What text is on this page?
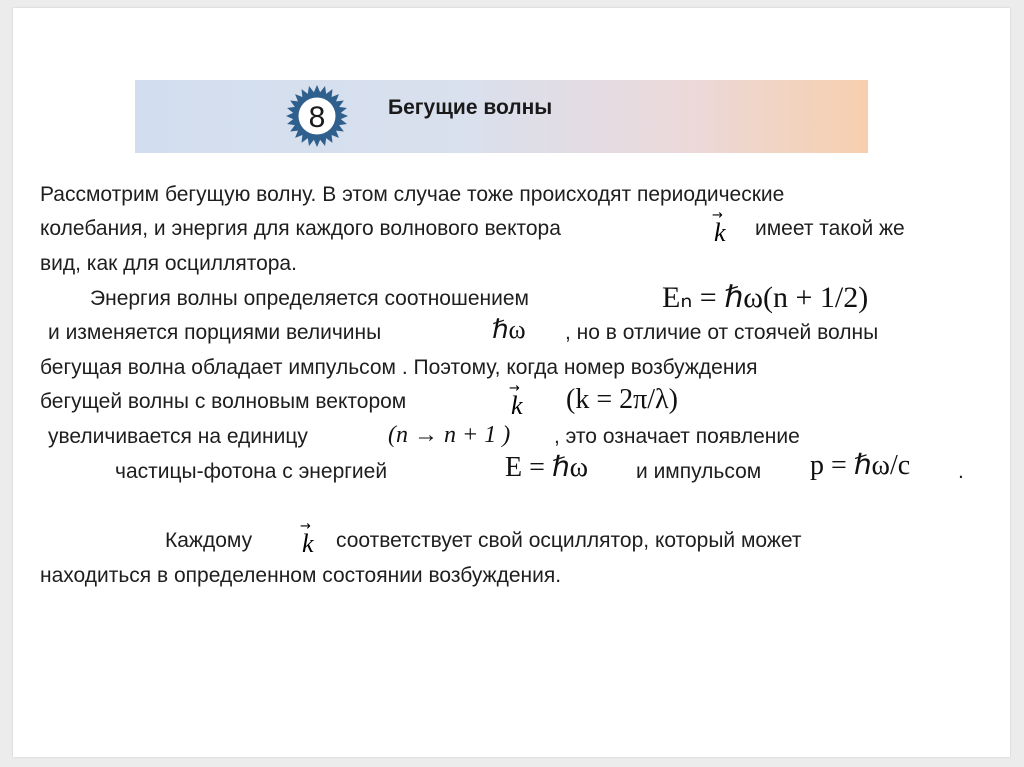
8	Бегущие волны
Рассмотрим бегущую волну. В этом случае тоже происходят периодические
колебания, и энергия для каждого волнового вектора
→
k имеет такой же
вид, как для осциллятора.
Энергия волны определяется соотношением	Eₙ = ℏω(n + 1/2)
и изменяется порциями величины	ℏω , но в отличие от стоячей волны
бегущая волна обладает импульсом . Поэтому, когда номер возбуждения
бегущей волны с волновым вектором
→
k (k = 2π/λ)
увеличивается на единицу	(n → n + 1 ) , это означает появление
частицы-фотона с энергией	E = ℏω и импульсом p = ℏω/c .
Каждому
→
k соответствует свой осциллятор, который может
находиться в определенном состоянии возбуждения.
